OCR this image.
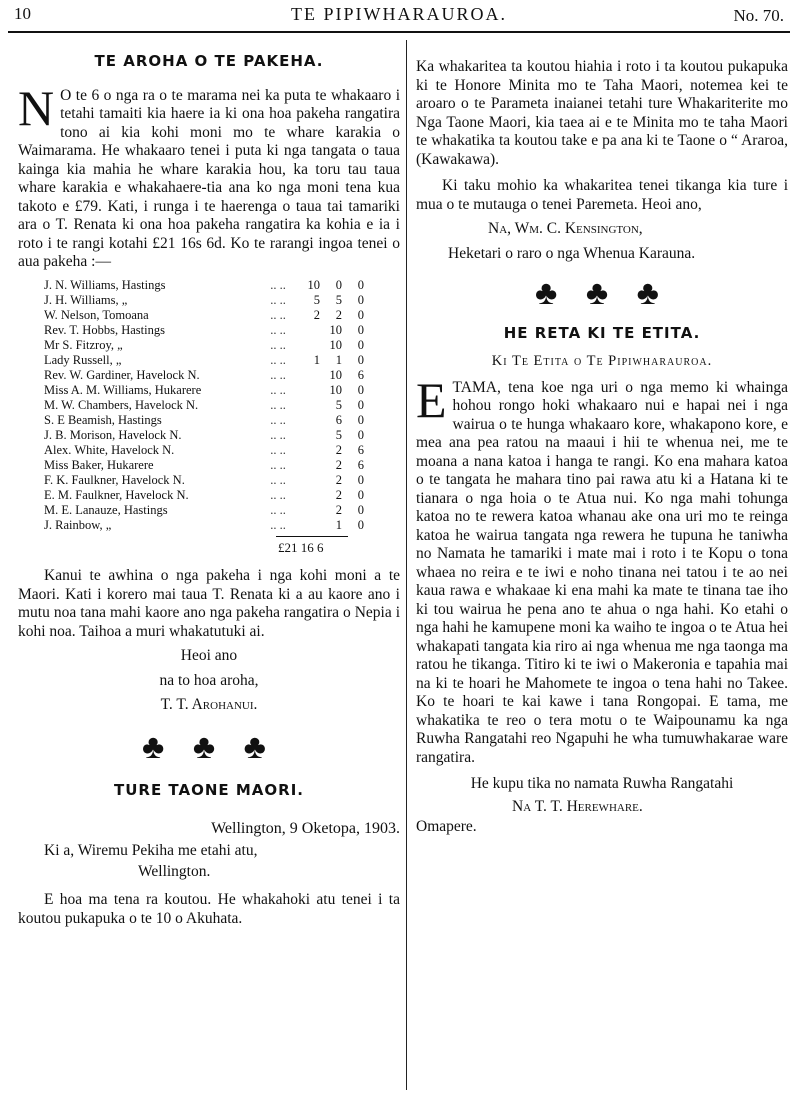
10	TE PIPIWHARAUROA.	No. 70.
TE AROHA O TE PAKEHA.

N O te 6 o nga ra o te marama nei ka puta te whakaaro i tetahi tamaiti kia haere ia ki ona hoa pakeha rangatira tono ai kia kohi moni mo te whare karakia o Waimarama. He whakaaro tenei i puta ki nga tangata o taua kainga kia mahia he whare karakia hou, ka toru tau taua whare karakia e whakahaere-tia ana ko nga moni tena kua takoto e £79. Kati, i runga i te haerenga o taua tai tamariki ara o T. Renata ki ona hoa pakeha rangatira ka kohia e ia i roto i te rangi kotahi £21 16s 6d. Ko te rarangi ingoa tenei o aua pakeha :—

J. N. Williams, Hastings	.. ..	10	0	0
J. H. Williams, „	.. ..	5	5	0
W. Nelson, Tomoana	.. ..	2	2	0
Rev. T. Hobbs, Hastings	.. ..		10	0
Mr S. Fitzroy, „	.. ..		10	0
Lady Russell, „	.. ..	1	1	0
Rev. W. Gardiner, Havelock N.	.. ..		10	6
Miss A. M. Williams, Hukarere	.. ..		10	0
M. W. Chambers, Havelock N.	.. ..		5	0
S. E Beamish, Hastings	.. ..		6	0
J. B. Morison, Havelock N.	.. ..		5	0
Alex. White, Havelock N.	.. ..		2	6
Miss Baker, Hukarere	.. ..		2	6
F. K. Faulkner, Havelock N.	.. ..		2	0
E. M. Faulkner, Havelock N.	.. ..		2	0
M. E. Lanauze, Hastings	.. ..		2	0
J. Rainbow, „	.. ..		1	0
£21 16 6

Kanui te awhina o nga pakeha i nga kohi moni a te Maori. Kati i korero mai taua T. Renata ki a au kaore ano i mutu noa tana mahi kaore ano nga pakeha rangatira o Nepia i kohi noa. Taihoa a muri whakatutuki ai.

Heoi ano
na to hoa aroha,
T. T. Arohanui.
♣ ♣ ♣
TURE TAONE MAORI.
Wellington, 9 Oketopa, 1903.
Ki a, Wiremu Pekiha me etahi atu,
Wellington.

E hoa ma tena ra koutou. He whakahoki atu tenei i ta koutou pukapuka o te 10 o Akuhata.

Ka whakaritea ta koutou hiahia i roto i ta koutou pukapuka ki te Honore Minita mo te Taha Maori, notemea kei te aroaro o te Parameta inaianei tetahi ture Whakariterite mo Nga Taone Maori, kia taea ai e te Minita mo te taha Maori te whakatika ta koutou take e pa ana ki te Taone o “ Araroa, (Kawakawa).

Ki taku mohio ka whakaritea tenei tikanga kia ture i mua o te mutauga o tenei Paremeta. Heoi ano,

Na, Wm. C. Kensington,
Heketari o raro o nga Whenua Karauna.
♣ ♣ ♣
HE RETA KI TE ETITA.
Ki Te Etita o Te Pipiwharauroa.

ETAMA, tena koe nga uri o nga memo ki whainga hohou rongo hoki whakaaro nui e hapai nei i nga wairua o te hunga whakaaro kore, whakapono kore, e mea ana pea ratou na maaui i hii te whenua nei, me te moana a nana katoa i hanga te rangi. Ko ena mahara katoa o te tangata he mahara tino pai rawa atu ki a Hatana ki te tianara o nga hoia o te Atua nui. Ko nga mahi tohunga katoa no te rewera katoa whanau ake ona uri mo te reinga katoa he wairua tangata nga rewera he tupuna he taniwha no Namata he tamariki i mate mai i roto i te Kopu o tona whaea no reira e te iwi e noho tinana nei tatou i te ao nei kaua rawa e whakaae ki ena mahi ka mate te tinana tae iho ki tou wairua he pena ano te ahua o nga hahi. Ko etahi o nga hahi he kamupene moni ka waiho te ingoa o te Atua hei whakapati tangata kia riro ai nga whenua me nga taonga ma ratou he tikanga. Titiro ki te iwi o Makeronia e tapahia mai na ki te hoari he Mahomete te ingoa o tena hahi no Takee. Ko te hoari te kai kawe i tana Rongopai. E tama, me whakatika te reo o tera motu o te Waipounamu ka nga Ruwha Rangatahi reo Ngapuhi he wha tumuwhakarae ware rangatira.

He kupu tika no namata Ruwha Rangatahi
Na T. T. Herewhare.
Omapere.
